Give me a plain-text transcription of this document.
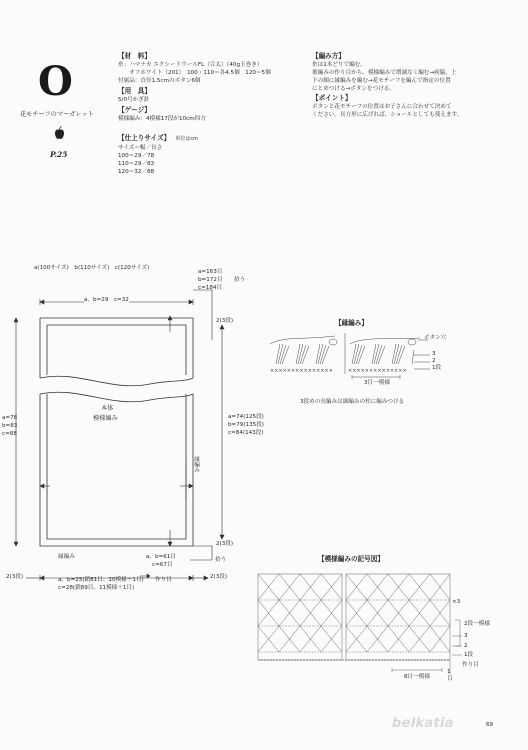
O
花モチーフのマーガレット
P.25
【材　料】
糸：ハマナカ エクシードウールFL（合太）（40g玉巻き）
　　オフホワイト（201）　100・110＝各4.5個　120＝5個
付属品：直径1.5cmのボタン6個
【用　具】
5/0号かぎ針
【ゲージ】
模様編み：4模様17段が10cm四方
【仕上りサイズ】 単位はcm
サイズ＝幅／長さ
100＝29／78
110＝29／83
120＝32／88
【編み方】
糸は1本どりで編む。
後編みの作り目から、模様編みで増減なく編む→両脇、上
下の順に縁編みを編む→花モチーフを編んで指定の位置
にとめつける→ボタンをつける。
【ポイント】
ボタンと花モチーフの位置はお子さんに合わせて決めて
ください。長方形に広げれば、ショールとしても使えます。
a(100サイズ)　b(110サイズ)　c(120サイズ)
a=163目
b=172目
c=184目
拾う
a、b=29　c=32
a=78
b=83
c=88
a=74(125段)
b=79(135段)
c=84(143段)
2(3段)
2(3段)
本体
模様編み
縁編み
縁編み	a、b=61目
c=67目
拾う
2(3段)	2(3段)
a、b=25(鎖81目、10模様＋1目)
c=28(鎖89目、11模様＋1目)
作り目
【縁編み】
×××××××××××××××	××××××××××××××
ボタン穴
3
2
1段
3目一模様
3段めの長編みは細編みの柱に編みつける
【模様編みの記号図】
×3
2段一模様
3
2
1段
作り目
1
目
8目一模様
belkatia	69
